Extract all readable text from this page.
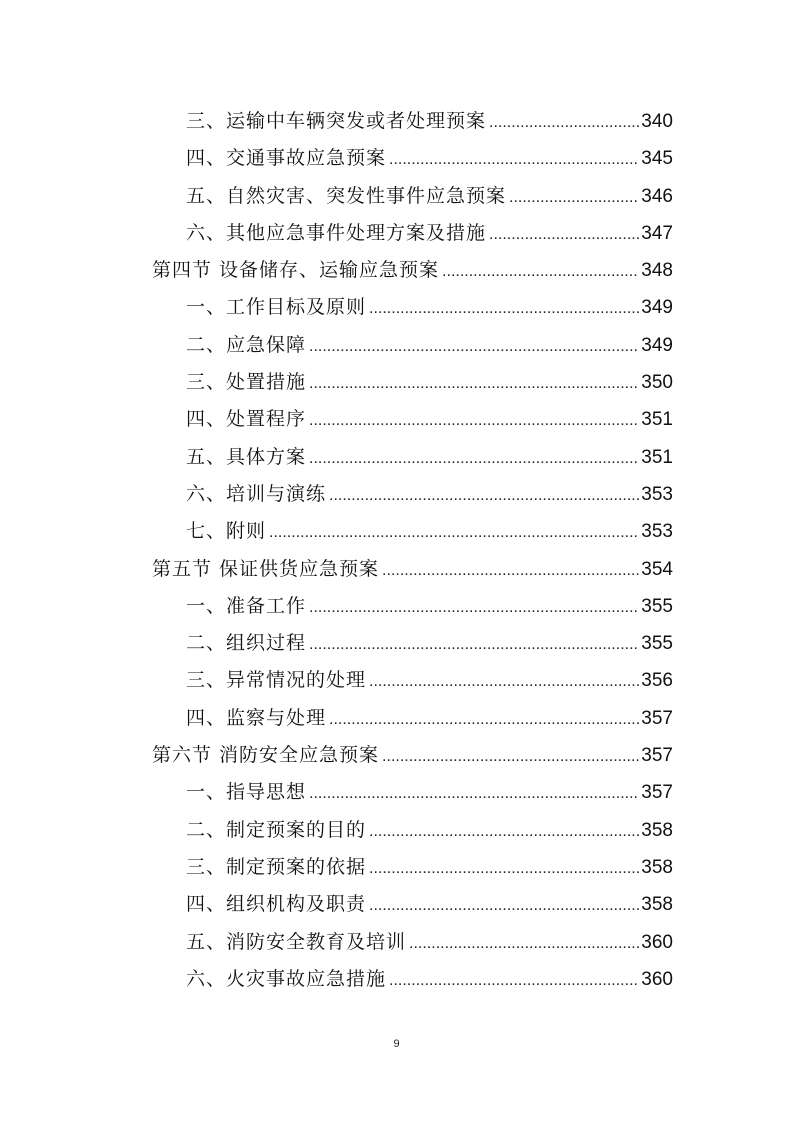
三、运输中车辆突发或者处理预案 .....	340
四、交通事故应急预案 .....	345
五、自然灾害、突发性事件应急预案 .....	346
六、其他应急事件处理方案及措施 .....	347
第四节 设备储存、运输应急预案 .....	348
一、工作目标及原则 .....	349
二、应急保障 .....	349
三、处置措施 .....	350
四、处置程序 .....	351
五、具体方案 .....	351
六、培训与演练 .....	353
七、附则 .....	353
第五节 保证供货应急预案 .....	354
一、准备工作 .....	355
二、组织过程 .....	355
三、异常情况的处理 .....	356
四、监察与处理 .....	357
第六节 消防安全应急预案 .....	357
一、指导思想 .....	357
二、制定预案的目的 .....	358
三、制定预案的依据 .....	358
四、组织机构及职责 .....	358
五、消防安全教育及培训 .....	360
六、火灾事故应急措施 .....	360
9
